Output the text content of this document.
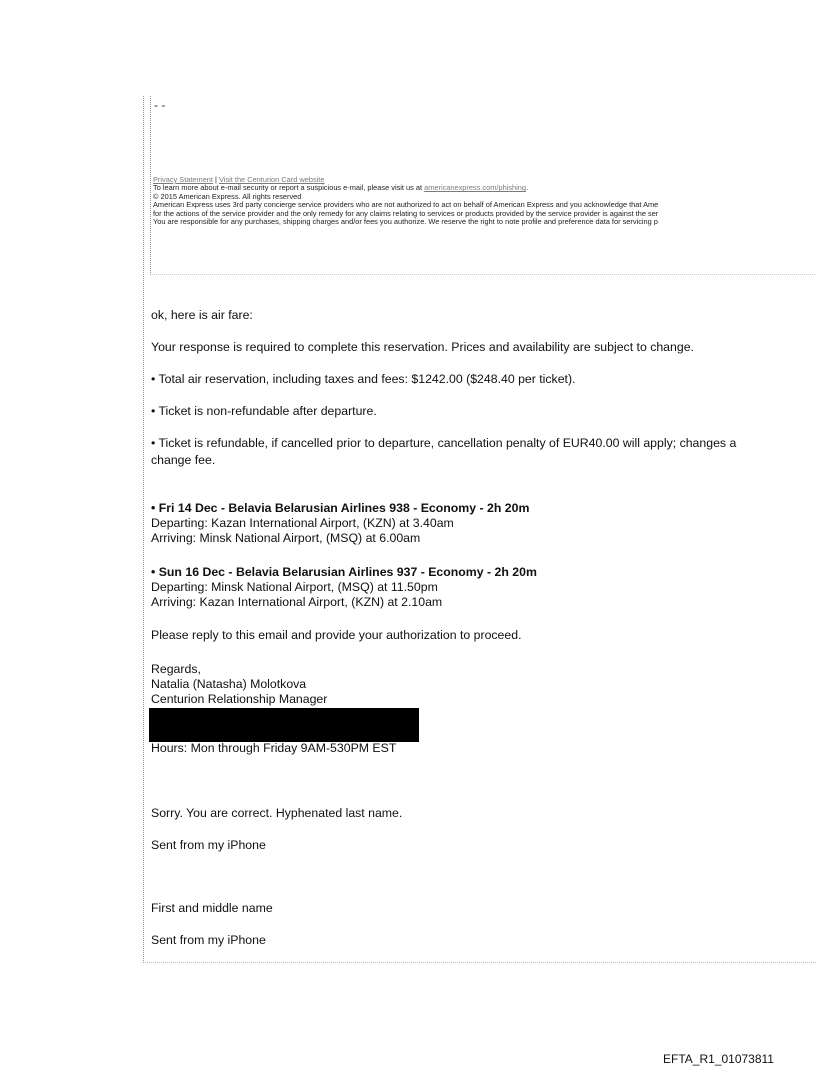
- -
Privacy Statement | Visit the Centurion Card website
To learn more about e-mail security or report a suspicious e-mail, please visit us at americanexpress.com/phishing.
© 2015 American Express. All rights reserved
American Express uses 3rd party concierge service providers who are not authorized to act on behalf of American Express and you acknowledge that Ame
for the actions of the service provider and the only remedy for any claims relating to services or products provided by the service provider is against the ser
You are responsible for any purchases, shipping charges and/or fees you authorize. We reserve the right to note profile and preference data for servicing p
ok, here is air fare:
Your response is required to complete this reservation. Prices and availability are subject to change.
• Total air reservation, including taxes and fees: $1242.00 ($248.40 per ticket).
• Ticket is non-refundable after departure.
• Ticket is refundable, if cancelled prior to departure, cancellation penalty of EUR40.00 will apply; changes a
change fee.
• Fri 14 Dec - Belavia Belarusian Airlines 938 - Economy - 2h 20m
Departing: Kazan International Airport, (KZN) at 3.40am
Arriving: Minsk National Airport, (MSQ) at 6.00am
• Sun 16 Dec - Belavia Belarusian Airlines 937 - Economy - 2h 20m
Departing: Minsk National Airport, (MSQ) at 11.50pm
Arriving: Kazan International Airport, (KZN) at 2.10am
Please reply to this email and provide your authorization to proceed.
Regards,
Natalia (Natasha) Molotkova
Centurion Relationship Manager
Hours: Mon through Friday 9AM-530PM EST
Sorry. You are correct. Hyphenated last name.
Sent from my iPhone
First and middle name
Sent from my iPhone
EFTA_R1_01073811
